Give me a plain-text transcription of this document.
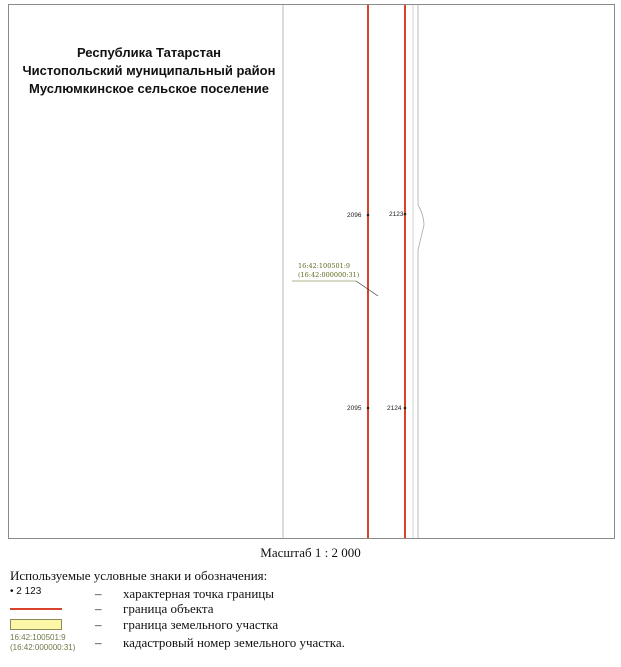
Республика Татарстан
Чистопольский муниципальный район
Муслюмкинское сельское поселение
2096	2123
2095	2124
16:42:100501:9
(16:42:000000:31)
Масштаб 1 : 2 000
Используемые условные знаки и обозначения:
• 2 123	– характерная точка границы
– граница объекта
– граница земельного участка
16:42:100501:9
(16:42:000000:31) – кадастровый номер земельного участка.
